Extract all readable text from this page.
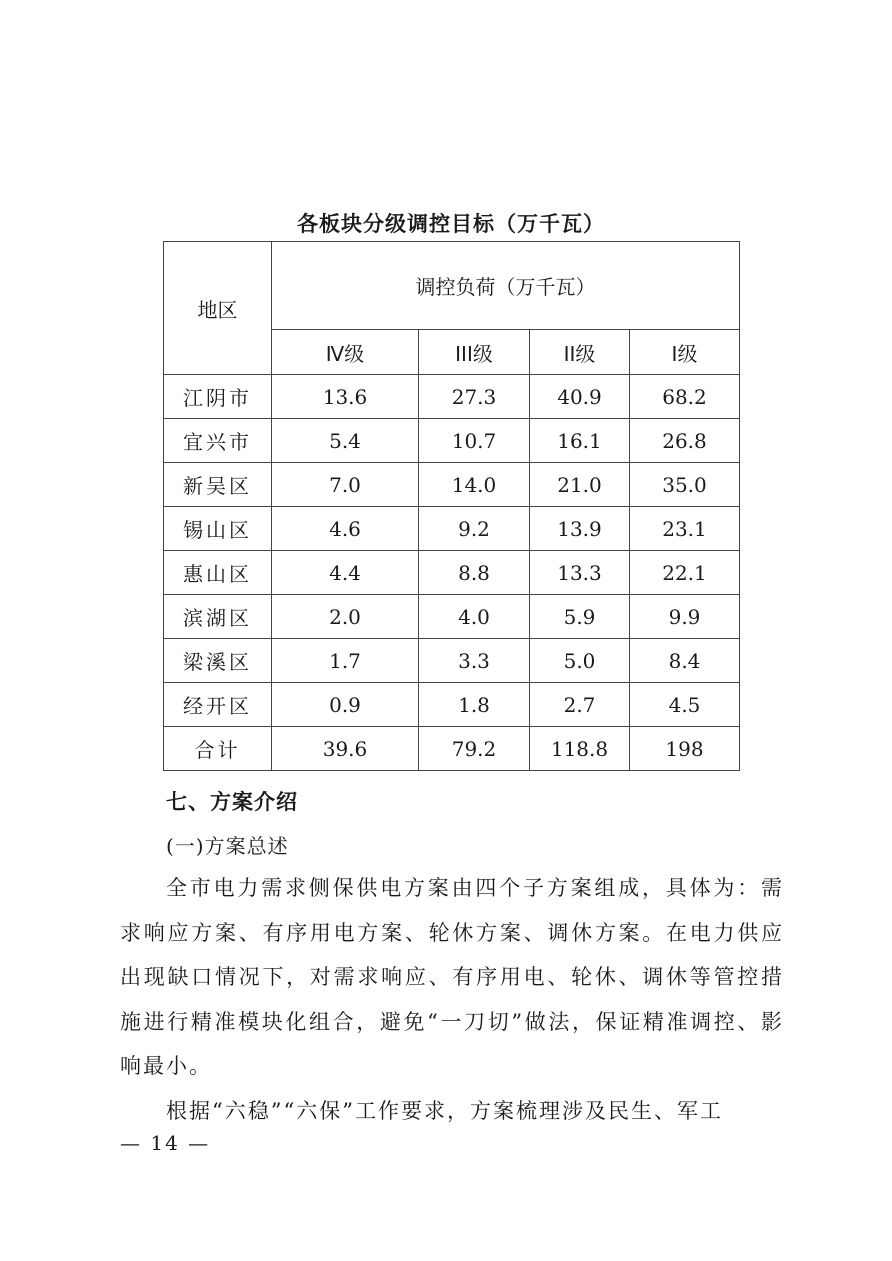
各板块分级调控目标（万千瓦）
地区	调控负荷（万千瓦）			
	Ⅳ级	ⅠⅠⅠ级	ⅠⅠ级	Ⅰ级
江阴市	13.6	27.3	40.9	68.2
宜兴市	5.4	10.7	16.1	26.8
新吴区	7.0	14.0	21.0	35.0
锡山区	4.6	9.2	13.9	23.1
惠山区	4.4	8.8	13.3	22.1
滨湖区	2.0	4.0	5.9	9.9
梁溪区	1.7	3.3	5.0	8.4
经开区	0.9	1.8	2.7	4.5
合计	39.6	79.2	118.8	198
七、方案介绍
(一)方案总述

全市电力需求侧保供电方案由四个子方案组成，具体为：需求响应方案、有序用电方案、轮休方案、调休方案。在电力供应出现缺口情况下，对需求响应、有序用电、轮休、调休等管控措施进行精准模块化组合，避免“一刀切”做法，保证精准调控、影响最小。

根据“六稳”“六保”工作要求，方案梳理涉及民生、军工

— 14 —
